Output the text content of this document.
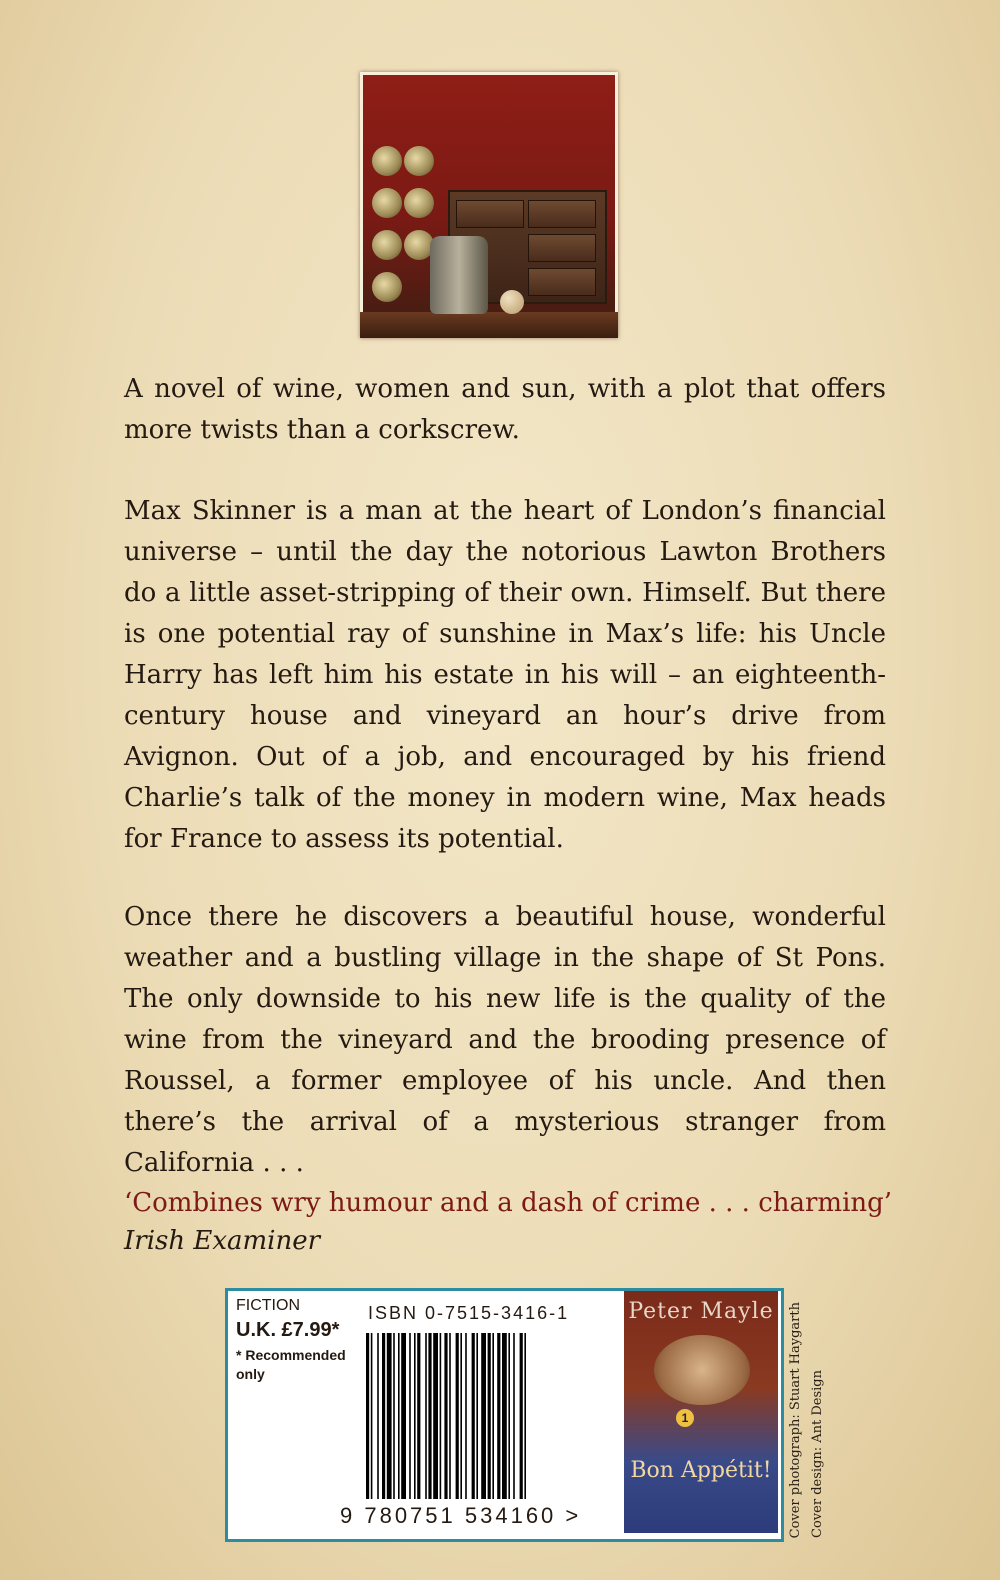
A novel of wine, women and sun, with a plot that offers more twists than a corkscrew.

Max Skinner is a man at the heart of London’s financial universe – until the day the notorious Lawton Brothers do a little asset-stripping of their own. Himself. But there is one potential ray of sunshine in Max’s life: his Uncle Harry has left him his estate in his will – an eighteenth-century house and vineyard an hour’s drive from Avignon. Out of a job, and encouraged by his friend Charlie’s talk of the money in modern wine, Max heads for France to assess its potential.

Once there he discovers a beautiful house, wonderful weather and a bustling village in the shape of St Pons. The only downside to his new life is the quality of the wine from the vineyard and the brooding presence of Roussel, a former employee of his uncle. And then there’s the arrival of a mysterious stranger from California . . .

‘Combines wry humour and a dash of crime . . . charming’
Irish Examiner
FICTION
U.K. £7.99*
* Recommended only
ISBN 0-7515-3416-1
9 780751 534160 >
Peter Mayle
1
Bon Appétit!	Cover photograph: Stuart Haygarth Cover design: Ant Design
